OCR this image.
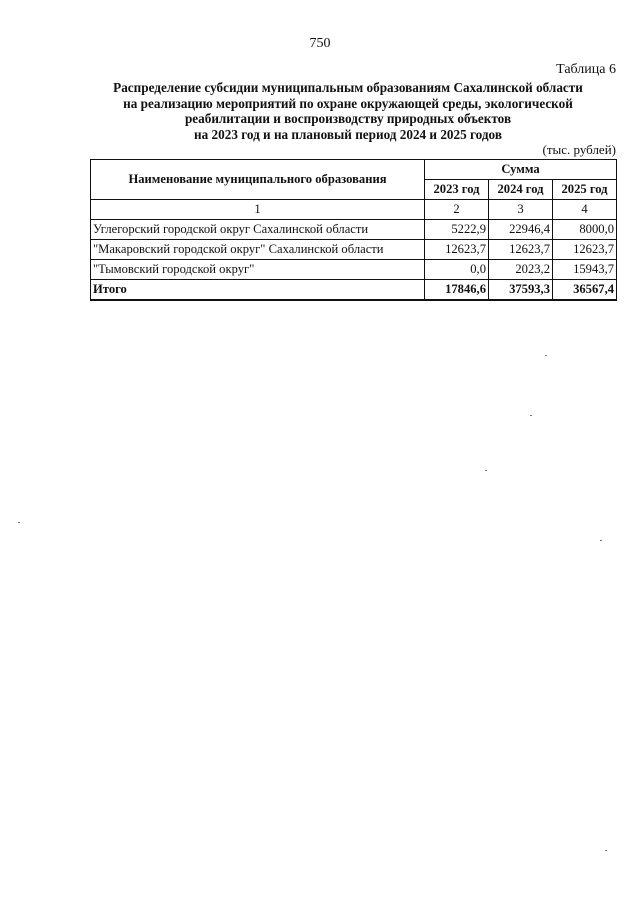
750
Таблица 6
Распределение субсидии муниципальным образованиям Сахалинской области
на реализацию мероприятий по охране окружающей среды, экологической
реабилитации и воспроизводству природных объектов
на 2023 год и на плановый период 2024 и 2025 годов
(тыс. рублей)
Наименование муниципального образования	Сумма		
	2023 год	2024 год	2025 год
1	2	3	4
Углегорский городской округ Сахалинской области	5222,9	22946,4	8000,0
"Макаровский городской округ" Сахалинской области	12623,7	12623,7	12623,7
"Тымовский городской округ"	0,0	2023,2	15943,7
Итого	17846,6	37593,3	36567,4
